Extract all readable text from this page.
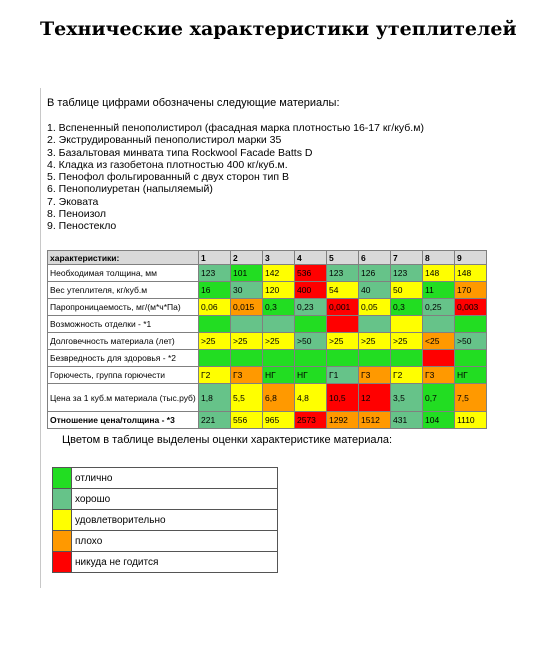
Технические характеристики утеплителей
В таблице цифрами обозначены следующие материалы:
1. Вспененный пенополистирол (фасадная марка плотностью 16-17 кг/куб.м)
2. Экструдированный пенополистирол марки 35
3. Базальтовая минвата типа Rockwool Facade Batts D
4. Кладка из газобетона плотностью 400 кг/куб.м.
5. Пенофол фольгированный с двух сторон тип В
6. Пенополиуретан (напыляемый)
7. Эковата
8. Пеноизол
9. Пеностекло
характеристики:	1	2	3	4	5	6	7	8	9
Необходимая толщина, мм	123	101	142	536	123	126	123	148	148
Вес утеплителя, кг/куб.м	16	30	120	400	54	40	50	11	170
Паропроницаемость, мг/(м*ч*Па)	0,06	0,015	0,3	0,23	0,001	0,05	0,3	0,25	0,003
Возможность отделки - *1									
Долговечность материала (лет)	>25	>25	>25	>50	>25	>25	>25	<25	>50
Безвредность для здоровья - *2									
Горючесть, группа горючести	Г2	Г3	НГ	НГ	Г1	Г3	Г2	Г3	НГ
Цена за 1 куб.м материала (тыс.руб)	1,8	5,5	6,8	4,8	10,5	12	3,5	0,7	7,5
Отношение цена/толщина - *3	221	556	965	2573	1292	1512	431	104	1110
Цветом в таблице выделены оценки характеристике материала:
	отлично
	хорошо
	удовлетворительно
	плохо
	никуда не годится
